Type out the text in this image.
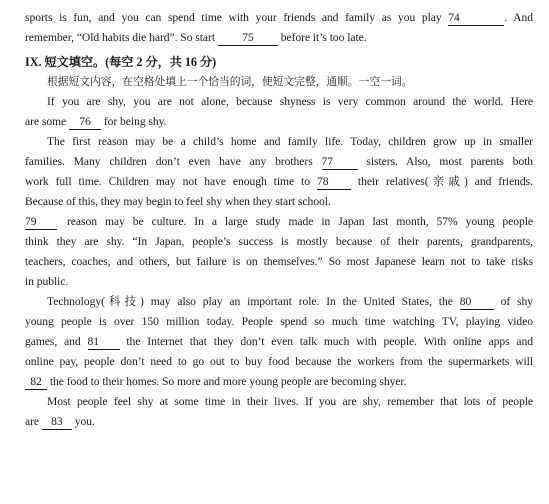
sports is fun, and you can spend time with your friends and family as you play 74	. And
remember, “Old habits die hard”. So start 75 before it’s too late.
IX. 短文填空。(每空 2 分，共 16 分)
根据短文内容，在空格处填上一个恰当的词，使短文完整，通顺。一空一词。
If you are shy, you are not alone, because shyness is very common around the world. Here
are some 76 for being shy.
The first reason may be a child’s home and family life. Today, children grow up in smaller
families. Many children don’t even have any brothers 77	sisters. Also, most parents both
work full time. Children may not have enough time to 78	their relatives(亲戚) and friends.
Because of this, they may begin to feel shy when they start school.
79	reason may be culture. In a large study made in Japan last month, 57% young people
think they are shy. “In Japan, people’s success is mostly because of their parents, grandparents,
teachers, coaches, and others, but failure is on themselves.” So most Japanese learn not to take risks
in public.
Technology(科技) may also play an important role. In the United States, the 80	of shy
young people is over 150 million today. People spend so much time watching TV, playing video
games, and 81 the Internet that they don’t even talk much with people. With online apps and
online pay, people don’t need to go out to buy food because the workers from the supermarkets will
82 the food to their homes. So more and more young people are becoming shyer.
Most people feel shy at some time in their lives. If you are shy, remember that lots of people
are 83 you.
